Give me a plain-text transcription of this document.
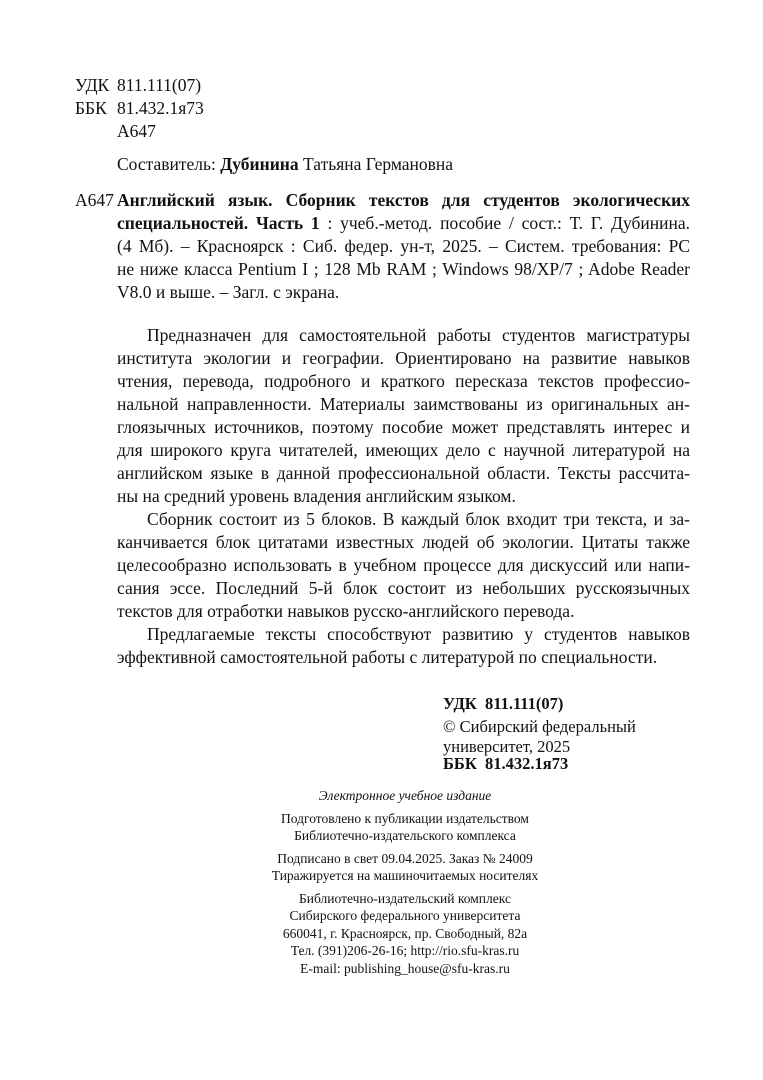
УДК 811.111(07)
ББК 81.432.1я73
А647
Составитель: Дубинина Татьяна Германовна
А647 Английский язык. Сборник текстов для студентов экологических
специальностей. Часть 1 : учеб.-метод. пособие / сост.: Т. Г. Дубинина.
(4 Мб). – Красноярск : Сиб. федер. ун-т, 2025. – Систем. требования: PC
не ниже класса Pentium I ; 128 Mb RAM ; Windows 98/XP/7 ; Adobe Reader
V8.0 и выше. – Загл. с экрана.
Предназначен для самостоятельной работы студентов магистратуры
института экологии и географии. Ориентировано на развитие навыков
чтения, перевода, подробного и краткого пересказа текстов профессио-
нальной направленности. Материалы заимствованы из оригинальных ан-
глоязычных источников, поэтому пособие может представлять интерес и
для широкого круга читателей, имеющих дело с научной литературой на
английском языке в данной профессиональной области. Тексты рассчита-
ны на средний уровень владения английским языком.
Сборник состоит из 5 блоков. В каждый блок входит три текста, и за-
канчивается блок цитатами известных людей об экологии. Цитаты также
целесообразно использовать в учебном процессе для дискуссий или напи-
сания эссе. Последний 5-й блок состоит из небольших русскоязычных
текстов для отработки навыков русско-английского перевода.
Предлагаемые тексты способствуют развитию у студентов навыков
эффективной самостоятельной работы с литературой по специальности.

УДК  811.111(07)

ББК  81.432.1я73

© Сибирский федеральный
университет, 2025
Электронное учебное издание
Подготовлено к публикации издательством
Библиотечно-издательского комплекса
Подписано в свет 09.04.2025. Заказ № 24009
Тиражируется на машиночитаемых носителях
Библиотечно-издательский комплекс
Сибирского федерального университета
660041, г. Красноярск, пр. Свободный, 82а
Тел. (391)206-26-16; http://rio.sfu-kras.ru
E-mail: publishing_house@sfu-kras.ru
